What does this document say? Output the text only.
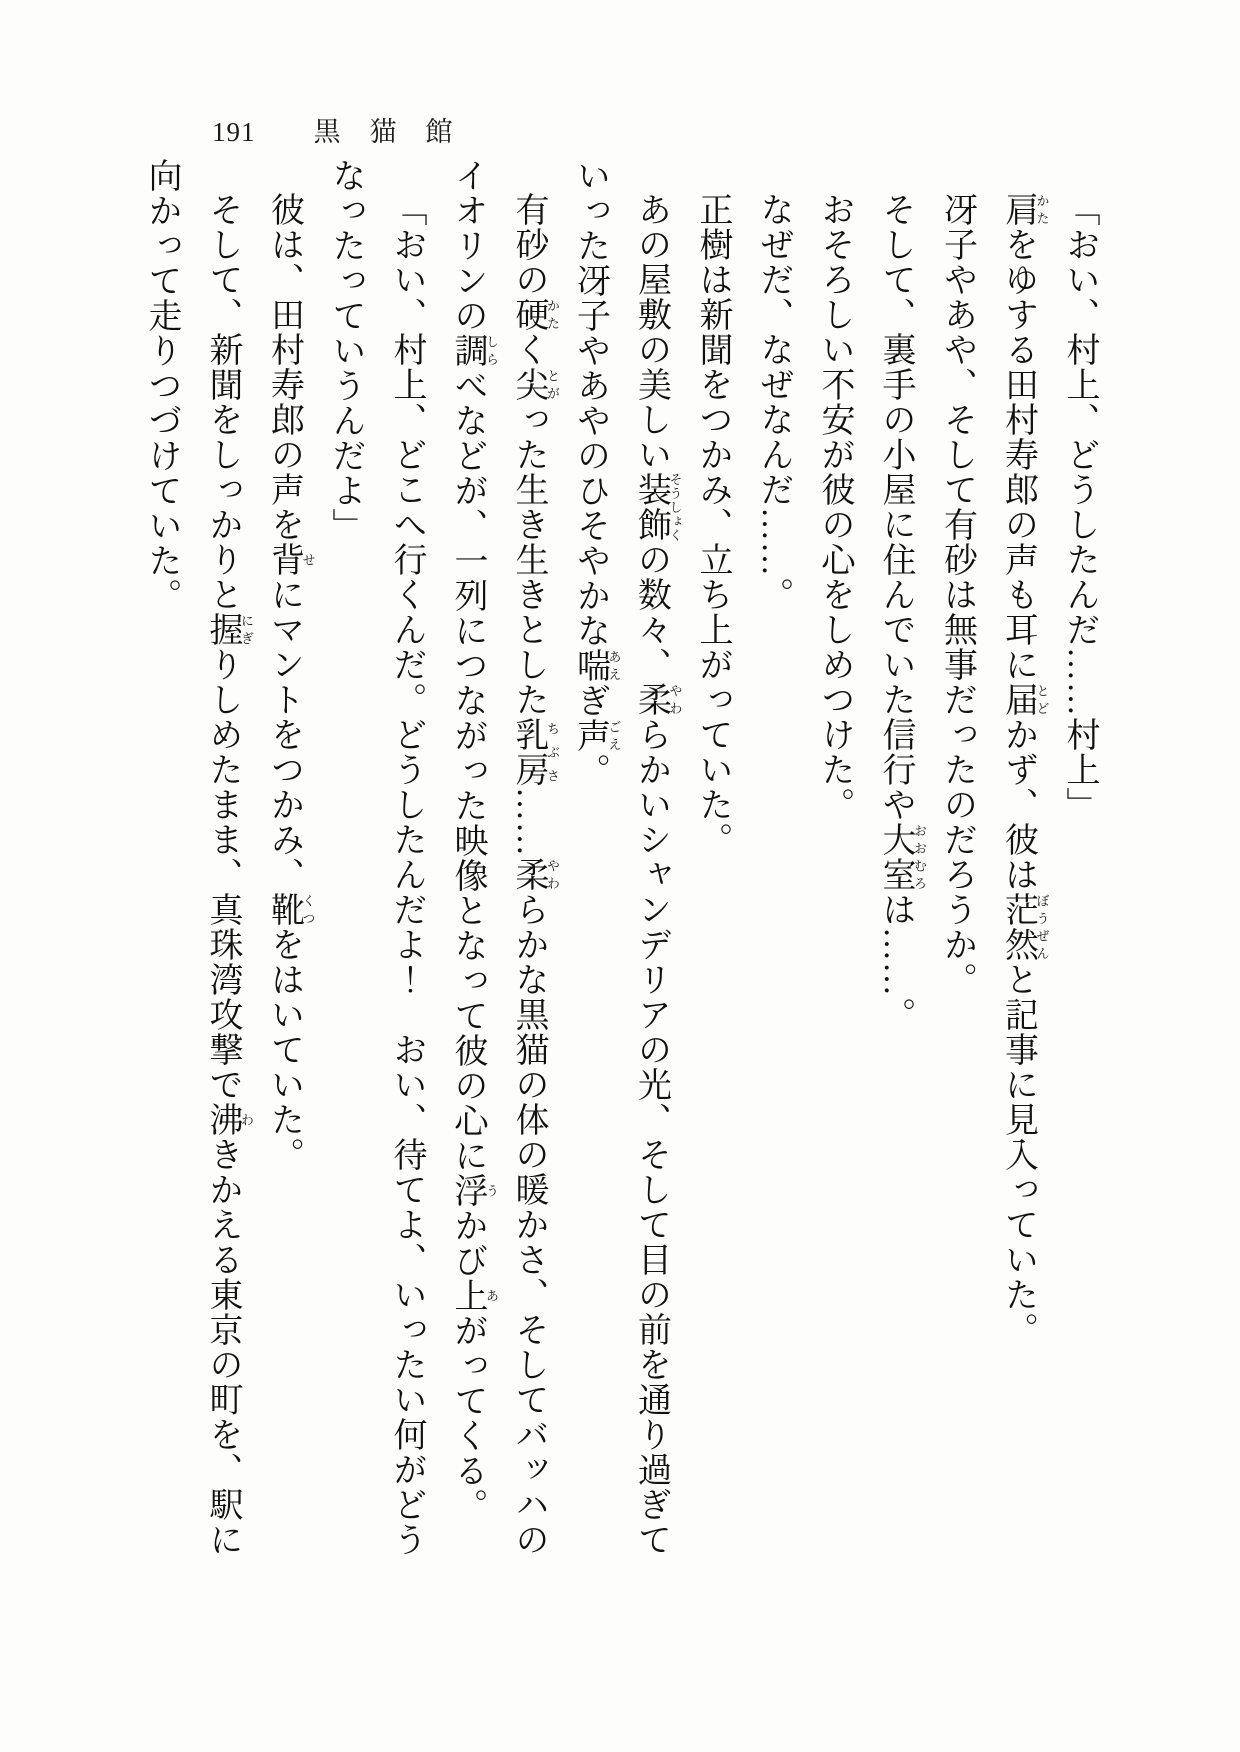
191 黒　猫　館

「おい、村上、どうしたんだ……村上」

肩かたをゆする田村寿郎の声も耳に届とどかず、彼は茫然ぼうぜんと記事に見入っていた。

冴子やあや、そして有砂は無事だったのだろうか。

そして、裏手の小屋に住んでいた信行や大室おおむろは……。

おそろしい不安が彼の心をしめつけた。

なぜだ、なぜなんだ……。

正樹は新聞をつかみ、立ち上がっていた。

あの屋敷の美しい装飾そうしょくの数々、柔やわらかいシャンデリアの光、そして目の前を通り過ぎていった冴子やあやのひそやかな喘あえぎ声ごえ。

有砂の硬かたく尖とがった生き生きとした乳房ちぶさ……柔やわらかな黒猫の体の暖かさ、そしてバッハのイオリンの調しらべなどが、一列につながった映像となって彼の心に浮うかび上あがってくる。

「おい、村上、どこへ行くんだ。どうしたんだよ！　おい、待てよ、いったい何がどうなったっていうんだよ」

彼は、田村寿郎の声を背せにマントをつかみ、靴くつをはいていた。

そして、新聞をしっかりと握にぎりしめたまま、真珠湾攻撃で沸わきかえる東京の町を、駅に向かって走りつづけていた。
